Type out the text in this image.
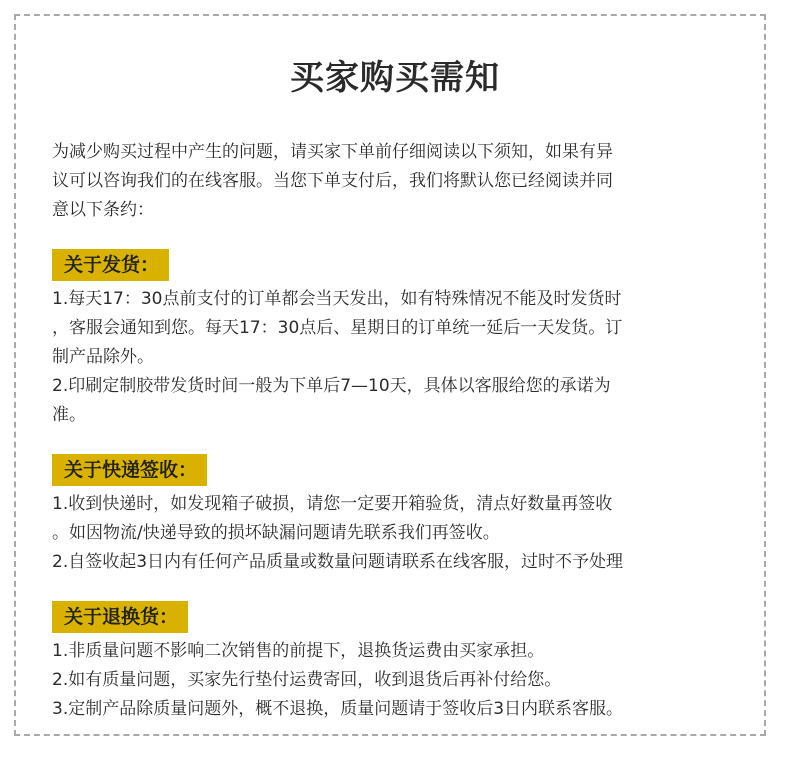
买家购买需知

为减少购买过程中产生的问题，请买家下单前仔细阅读以下须知，如果有异
议可以咨询我们的在线客服。当您下单支付后，我们将默认您已经阅读并同
意以下条约：

关于发货：
1.每天17：30点前支付的订单都会当天发出，如有特殊情况不能及时发货时
，客服会通知到您。每天17：30点后、星期日的订单统一延后一天发货。订
制产品除外。
2.印刷定制胶带发货时间一般为下单后7—10天，具体以客服给您的承诺为
准。
关于快递签收：
1.收到快递时，如发现箱子破损，请您一定要开箱验货，清点好数量再签收
。如因物流/快递导致的损坏缺漏问题请先联系我们再签收。
2.自签收起3日内有任何产品质量或数量问题请联系在线客服，过时不予处理
关于退换货：
1.非质量问题不影响二次销售的前提下，退换货运费由买家承担。
2.如有质量问题，买家先行垫付运费寄回，收到退货后再补付给您。
3.定制产品除质量问题外，概不退换，质量问题请于签收后3日内联系客服。
